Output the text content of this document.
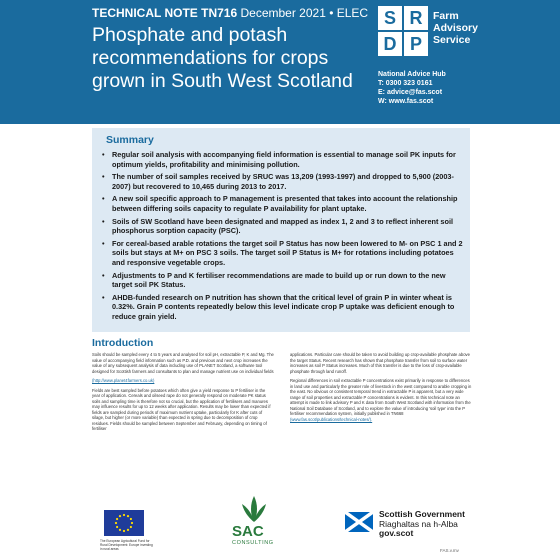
TECHNICAL NOTE TN716 December 2021 • ELEC
Phosphate and potash
recommendations for crops
grown in South West Scotland
S R
D P
Farm
Advisory
Service
National Advice Hub
T: 0300 323 0161
E: advice@fas.scot
W: www.fas.scot
Summary
• Regular soil analysis with accompanying field information is essential to manage soil PK inputs for optimum yields, profitability and minimising pollution.
• The number of soil samples received by SRUC was 13,209 (1993-1997) and dropped to 5,900 (2003-2007) but recovered to 10,465 during 2013 to 2017.
• A new soil specific approach to P management is presented that takes into account the relationship between differing soils capacity to regulate P availability for plant uptake.
• Soils of SW Scotland have been designated and mapped as index 1, 2 and 3 to reflect inherent soil phosphorus sorption capacity (PSC).
• For cereal-based arable rotations the target soil P Status has now been lowered to M- on PSC 1 and 2 soils but stays at M+ on PSC 3 soils. The target soil P Status is M+ for rotations including potatoes and responsive vegetable crops.
• Adjustments to P and K fertiliser recommendations are made to build up or run down to the new target soil PK Status.
• AHDB-funded research on P nutrition has shown that the critical level of grain P in winter wheat is 0.32%. Grain P contents repeatedly below this level indicate crop P uptake was deficient enough to reduce grain yield.
Introduction

Soils should be sampled every 4 to 5 years and analysed for soil pH, extractable P, K and Mg. The value of accompanying field information such as P.D. and previous and next crop increases the value of any subsequent analysis of data including use of PLANET Scotland, a software tool designed for Scottish farmers and consultants to plan and manage nutrient use on individual fields

(http://www.planet4farmers.co.uk)

Fields are best sampled before potatoes which often give a yield response to P fertiliser in the year of application. Cereals and oilseed rape do not generally respond on moderate PK status soils and sampling time is therefore not so crucial, but the application of fertilisers and manures may influence results for up to 12 weeks after application. Results may be lower than expected if fields are sampled during periods of maximum nutrient uptake, particularly for K after cuts of silage, but higher (or more variable) than expected in spring due to decomposition of crop residues. Fields should be sampled between September and February, depending on timing of fertiliser

applications. Particular care should be taken to avoid building up crop-available phosphate above the target Status. Recent research has shown that phosphate transfer from soil to surface water increases as soil P Status increases. Much of this transfer is due to the loss of crop-available phosphate through land runoff.

Regional differences in soil extractable P concentrations exist primarily in response to differences in land use and particularly the greater role of livestock in the west compared to arable cropping in the east. No obvious or consistent temporal trend in extractable P is apparent, but a very wide range of soil properties and extractable P concentrations is evident. In this technical note an attempt is made to link advisory P and K data from South West Scotland with information from the National Soil Database of Scotland, and to explore the value of introducing 'soil type' into the P fertiliser recommendation system, initially published in TN668

(www.fas.scot/publications/technical-notes/).

The European Agricultural Fund for Rural Development: Europe investing in rural areas
SAC
CONSULTING
Scottish Government
Riaghaltas na h-Alba
gov.scot
FAS.v.mv
